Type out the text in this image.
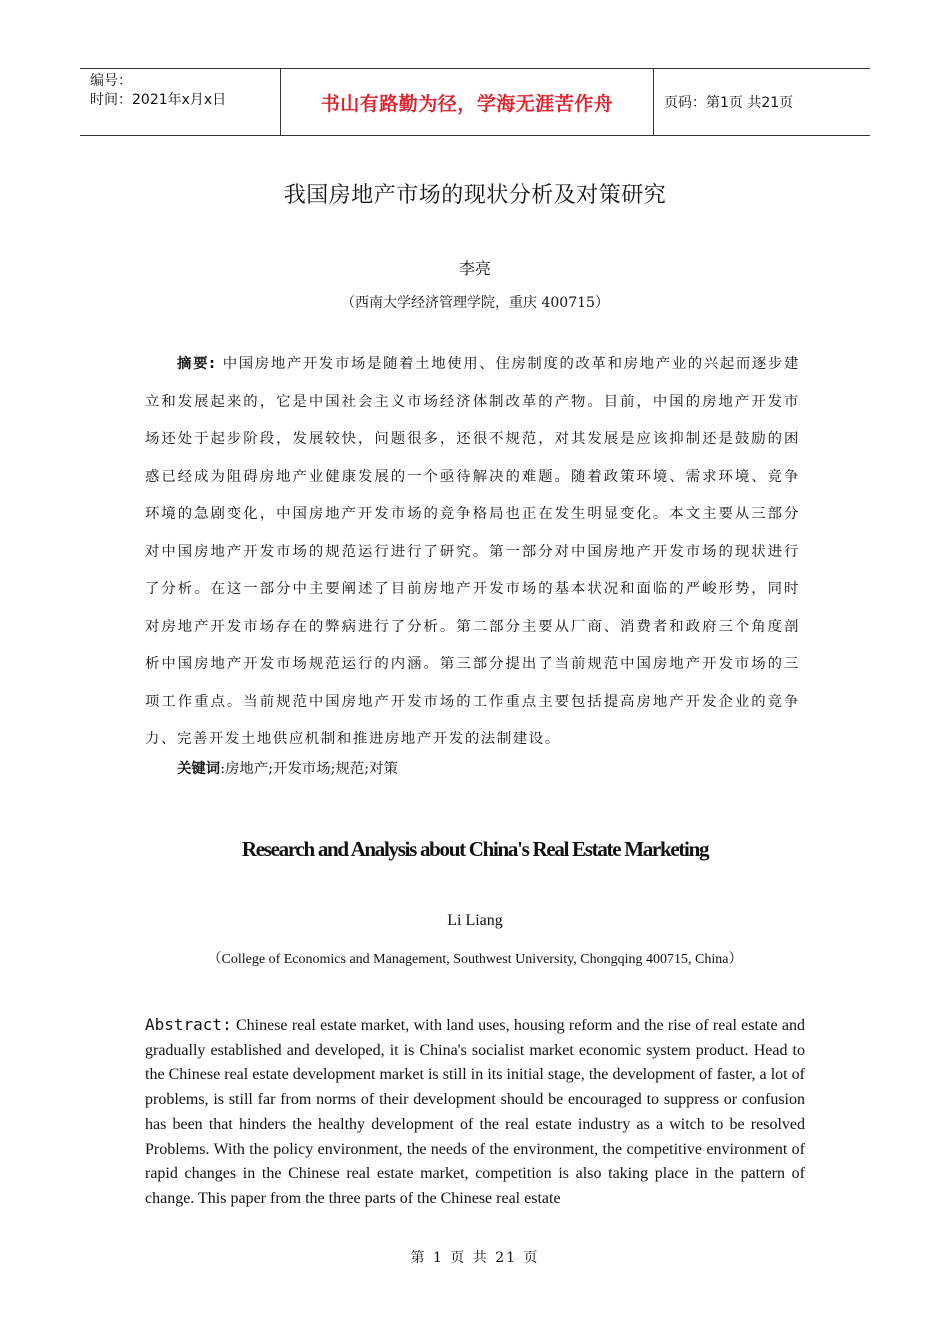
编号：
时间：2021年x月x日	书山有路勤为径，学海无涯苦作舟	页码：第1页 共21页
我国房地产市场的现状分析及对策研究
李亮
（西南大学经济管理学院，重庆 400715）

摘要: 中国房地产开发市场是随着土地使用、住房制度的改革和房地产业的兴起而逐步建立和发展起来的，它是中国社会主义市场经济体制改革的产物。目前，中国的房地产开发市场还处于起步阶段，发展较快，问题很多，还很不规范，对其发展是应该抑制还是鼓励的困惑已经成为阻碍房地产业健康发展的一个亟待解决的难题。随着政策环境、需求环境、竞争环境的急剧变化，中国房地产开发市场的竞争格局也正在发生明显变化。本文主要从三部分对中国房地产开发市场的规范运行进行了研究。第一部分对中国房地产开发市场的现状进行了分析。在这一部分中主要阐述了目前房地产开发市场的基本状况和面临的严峻形势，同时对房地产开发市场存在的弊病进行了分析。第二部分主要从厂商、消费者和政府三个角度剖析中国房地产开发市场规范运行的内涵。第三部分提出了当前规范中国房地产开发市场的三项工作重点。当前规范中国房地产开发市场的工作重点主要包括提高房地产开发企业的竞争力、完善开发土地供应机制和推进房地产开发的法制建设。

关键词:房地产;开发市场;规范;对策
Research and Analysis about China's Real Estate Marketing
Li Liang
（College of Economics and Management, Southwest University, Chongqing 400715, China）

Abstract: Chinese real estate market, with land uses, housing reform and the rise of real estate and gradually established and developed, it is China's socialist market economic system product. Head to the Chinese real estate development market is still in its initial stage, the development of faster, a lot of problems, is still far from norms of their development should be encouraged to suppress or confusion has been that hinders the healthy development of the real estate industry as a witch to be resolved Problems. With the policy environment, the needs of the environment, the competitive environment of rapid changes in the Chinese real estate market, competition is also taking place in the pattern of change. This paper from the three parts of the Chinese real estate

第 1 页 共 21 页
